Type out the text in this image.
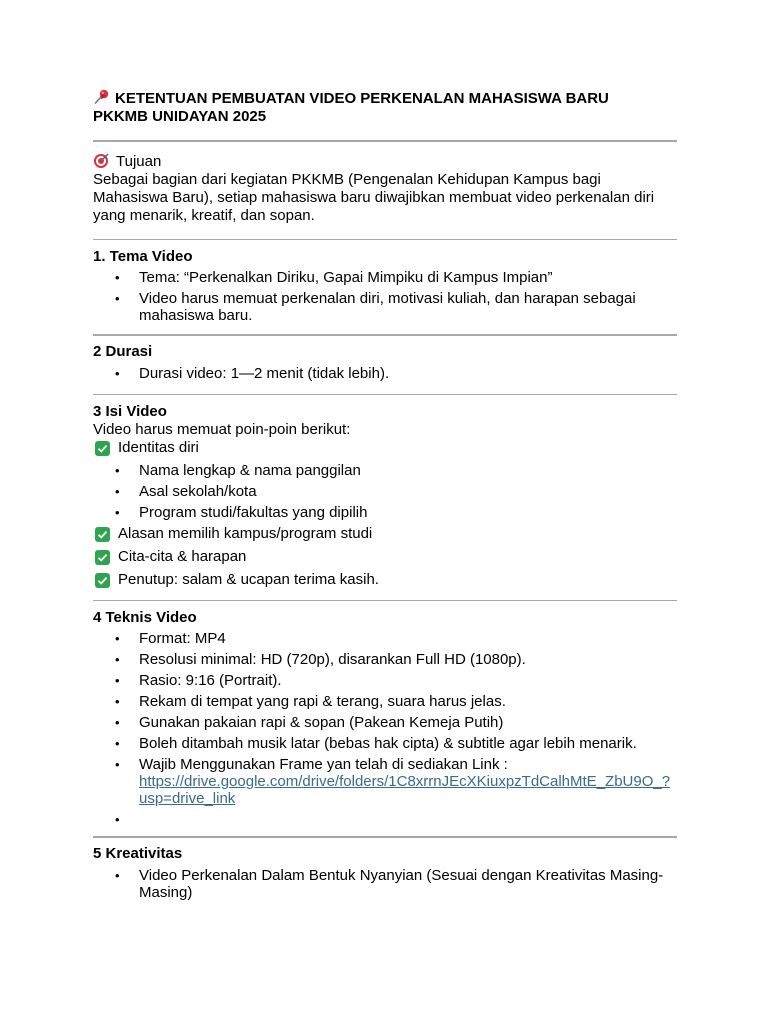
KETENTUAN PEMBUATAN VIDEO PERKENALAN MAHASISWA BARU
PKKMB UNIDAYAN 2025

Tujuan

Sebagai bagian dari kegiatan PKKMB (Pengenalan Kehidupan Kampus bagi Mahasiswa Baru), setiap mahasiswa baru diwajibkan membuat video perkenalan diri yang menarik, kreatif, dan sopan.

1. Tema Video

• Tema: “Perkenalkan Diriku, Gapai Mimpiku di Kampus Impian”
• Video harus memuat perkenalan diri, motivasi kuliah, dan harapan sebagai mahasiswa baru.

2 Durasi

• Durasi video: 1—2 menit (tidak lebih).

3 Isi Video

Video harus memuat poin-poin berikut:

Identitas diri
• Nama lengkap & nama panggilan
• Asal sekolah/kota
• Program studi/fakultas yang dipilih
Alasan memilih kampus/program studi
Cita-cita & harapan
Penutup: salam & ucapan terima kasih.

4 Teknis Video

• Format: MP4
• Resolusi minimal: HD (720p), disarankan Full HD (1080p).
• Rasio: 9:16 (Portrait).
• Rekam di tempat yang rapi & terang, suara harus jelas.
• Gunakan pakaian rapi & sopan (Pakean Kemeja Putih)
• Boleh ditambah musik latar (bebas hak cipta) & subtitle agar lebih menarik.
• Wajib Menggunakan Frame yan telah di sediakan Link :
https://drive.google.com/drive/folders/1C8xrrnJEcXKiuxpzTdCalhMtE_ZbU9O_?usp=drive_link
•

5 Kreativitas

• Video Perkenalan Dalam Bentuk Nyanyian (Sesuai dengan Kreativitas Masing-Masing)
